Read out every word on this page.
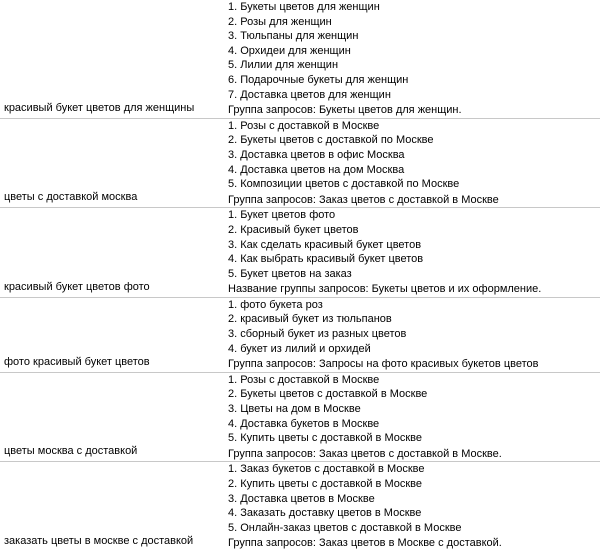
красивый букет цветов для женщины

1. Букеты цветов для женщин
2. Розы для женщин
3. Тюльпаны для женщин
4. Орхидеи для женщин
5. Лилии для женщин
6. Подарочные букеты для женщин
7. Доставка цветов для женщин
Группа запросов: Букеты цветов для женщин.

цветы с доставкой москва

1. Розы с доставкой в Москве
2. Букеты цветов с доставкой по Москве
3. Доставка цветов в офис Москва
4. Доставка цветов на дом Москва
5. Композиции цветов с доставкой по Москве
Группа запросов: Заказ цветов с доставкой в Москве

красивый букет цветов фото

1. Букет цветов фото
2. Красивый букет цветов
3. Как сделать красивый букет цветов
4. Как выбрать красивый букет цветов
5. Букет цветов на заказ
Название группы запросов: Букеты цветов и их оформление.

фото красивый букет цветов

1. фото букета роз
2. красивый букет из тюльпанов
3. сборный букет из разных цветов
4. букет из лилий и орхидей
Группа запросов: Запросы на фото красивых букетов цветов

цветы москва с доставкой

1. Розы с доставкой в Москве
2. Букеты цветов с доставкой в Москве
3. Цветы на дом в Москве
4. Доставка букетов в Москве
5. Купить цветы с доставкой в Москве
Группа запросов: Заказ цветов с доставкой в Москве.

заказать цветы в москве с доставкой

1. Заказ букетов с доставкой в Москве
2. Купить цветы с доставкой в Москве
3. Доставка цветов в Москве
4. Заказать доставку цветов в Москве
5. Онлайн-заказ цветов с доставкой в Москве
Группа запросов: Заказ цветов в Москве с доставкой.
